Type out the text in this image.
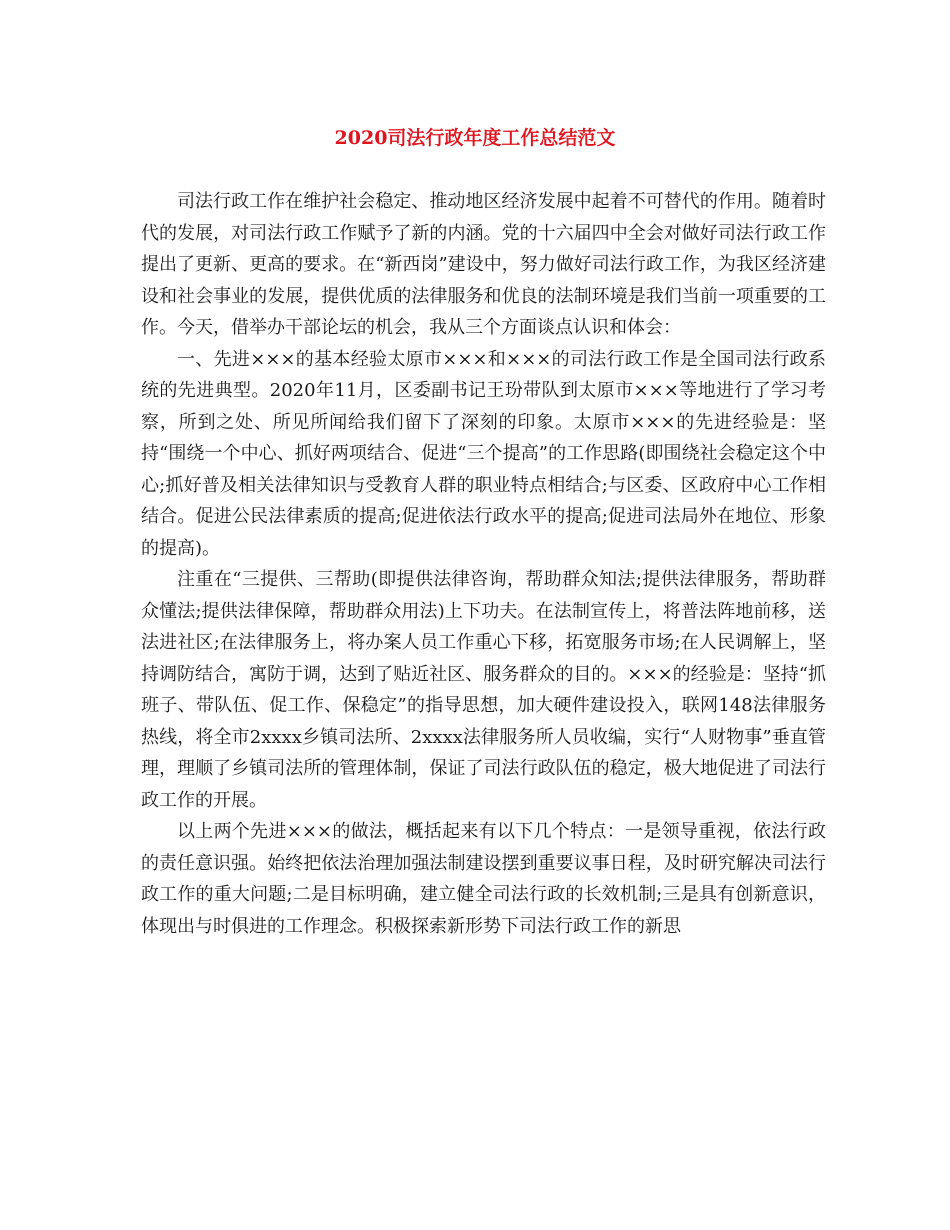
2020司法行政年度工作总结范文

司法行政工作在维护社会稳定、推动地区经济发展中起着不可替代的作用。随着时代的发展，对司法行政工作赋予了新的内涵。党的十六届四中全会对做好司法行政工作提出了更新、更高的要求。在“新西岗”建设中，努力做好司法行政工作，为我区经济建设和社会事业的发展，提供优质的法律服务和优良的法制环境是我们当前一项重要的工作。今天，借举办干部论坛的机会，我从三个方面谈点认识和体会：

一、先进×××的基本经验太原市×××和×××的司法行政工作是全国司法行政系统的先进典型。2020年11月，区委副书记王玢带队到太原市×××等地进行了学习考察，所到之处、所见所闻给我们留下了深刻的印象。太原市×××的先进经验是：坚持“围绕一个中心、抓好两项结合、促进“三个提高”的工作思路(即围绕社会稳定这个中心;抓好普及相关法律知识与受教育人群的职业特点相结合;与区委、区政府中心工作相结合。促进公民法律素质的提高;促进依法行政水平的提高;促进司法局外在地位、形象的提高)。

注重在“三提供、三帮助(即提供法律咨询，帮助群众知法;提供法律服务，帮助群众懂法;提供法律保障，帮助群众用法)上下功夫。在法制宣传上，将普法阵地前移，送法进社区;在法律服务上，将办案人员工作重心下移，拓宽服务市场;在人民调解上，坚持调防结合，寓防于调，达到了贴近社区、服务群众的目的。×××的经验是：坚持“抓班子、带队伍、促工作、保稳定”的指导思想，加大硬件建设投入，联网148法律服务热线，将全市2xxxx乡镇司法所、2xxxx法律服务所人员收编，实行“人财物事”垂直管理，理顺了乡镇司法所的管理体制，保证了司法行政队伍的稳定，极大地促进了司法行政工作的开展。

以上两个先进×××的做法，概括起来有以下几个特点：一是领导重视，依法行政的责任意识强。始终把依法治理加强法制建设摆到重要议事日程，及时研究解决司法行政工作的重大问题;二是目标明确，建立健全司法行政的长效机制;三是具有创新意识，体现出与时俱进的工作理念。积极探索新形势下司法行政工作的新思
